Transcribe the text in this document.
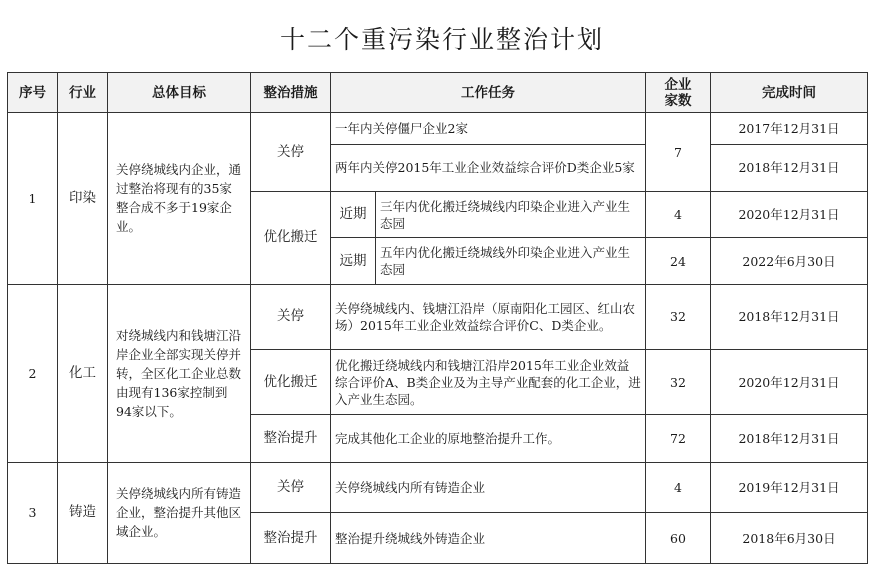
十二个重污染行业整治计划
序号	行业	总体目标	整治措施	工作任务		企业家数	完成时间
1	印染	关停绕城线内企业，通过整治将现有的35家整合成不多于19家企业。	关停	一年内关停僵尸企业2家		7	2017年12月31日
				两年内关停2015年工业企业效益综合评价D类企业5家			2018年12月31日
			优化搬迁	近期	三年内优化搬迁绕城线内印染企业进入产业生态园	4	2020年12月31日
				远期	五年内优化搬迁绕城线外印染企业进入产业生态园	24	2022年6月30日
2	化工	对绕城线内和钱塘江沿岸企业全部实现关停并转，全区化工企业总数由现有136家控制到94家以下。	关停	关停绕城线内、钱塘江沿岸（原南阳化工园区、红山农场）2015年工业企业效益综合评价C、D类企业。		32	2018年12月31日
			优化搬迁	优化搬迁绕城线内和钱塘江沿岸2015年工业企业效益综合评价A、B类企业及为主导产业配套的化工企业，进入产业生态园。		32	2020年12月31日
			整治提升	完成其他化工企业的原地整治提升工作。		72	2018年12月31日
3	铸造	关停绕城线内所有铸造企业，整治提升其他区域企业。	关停	关停绕城线内所有铸造企业		4	2019年12月31日
			整治提升	整治提升绕城线外铸造企业		60	2018年6月30日
